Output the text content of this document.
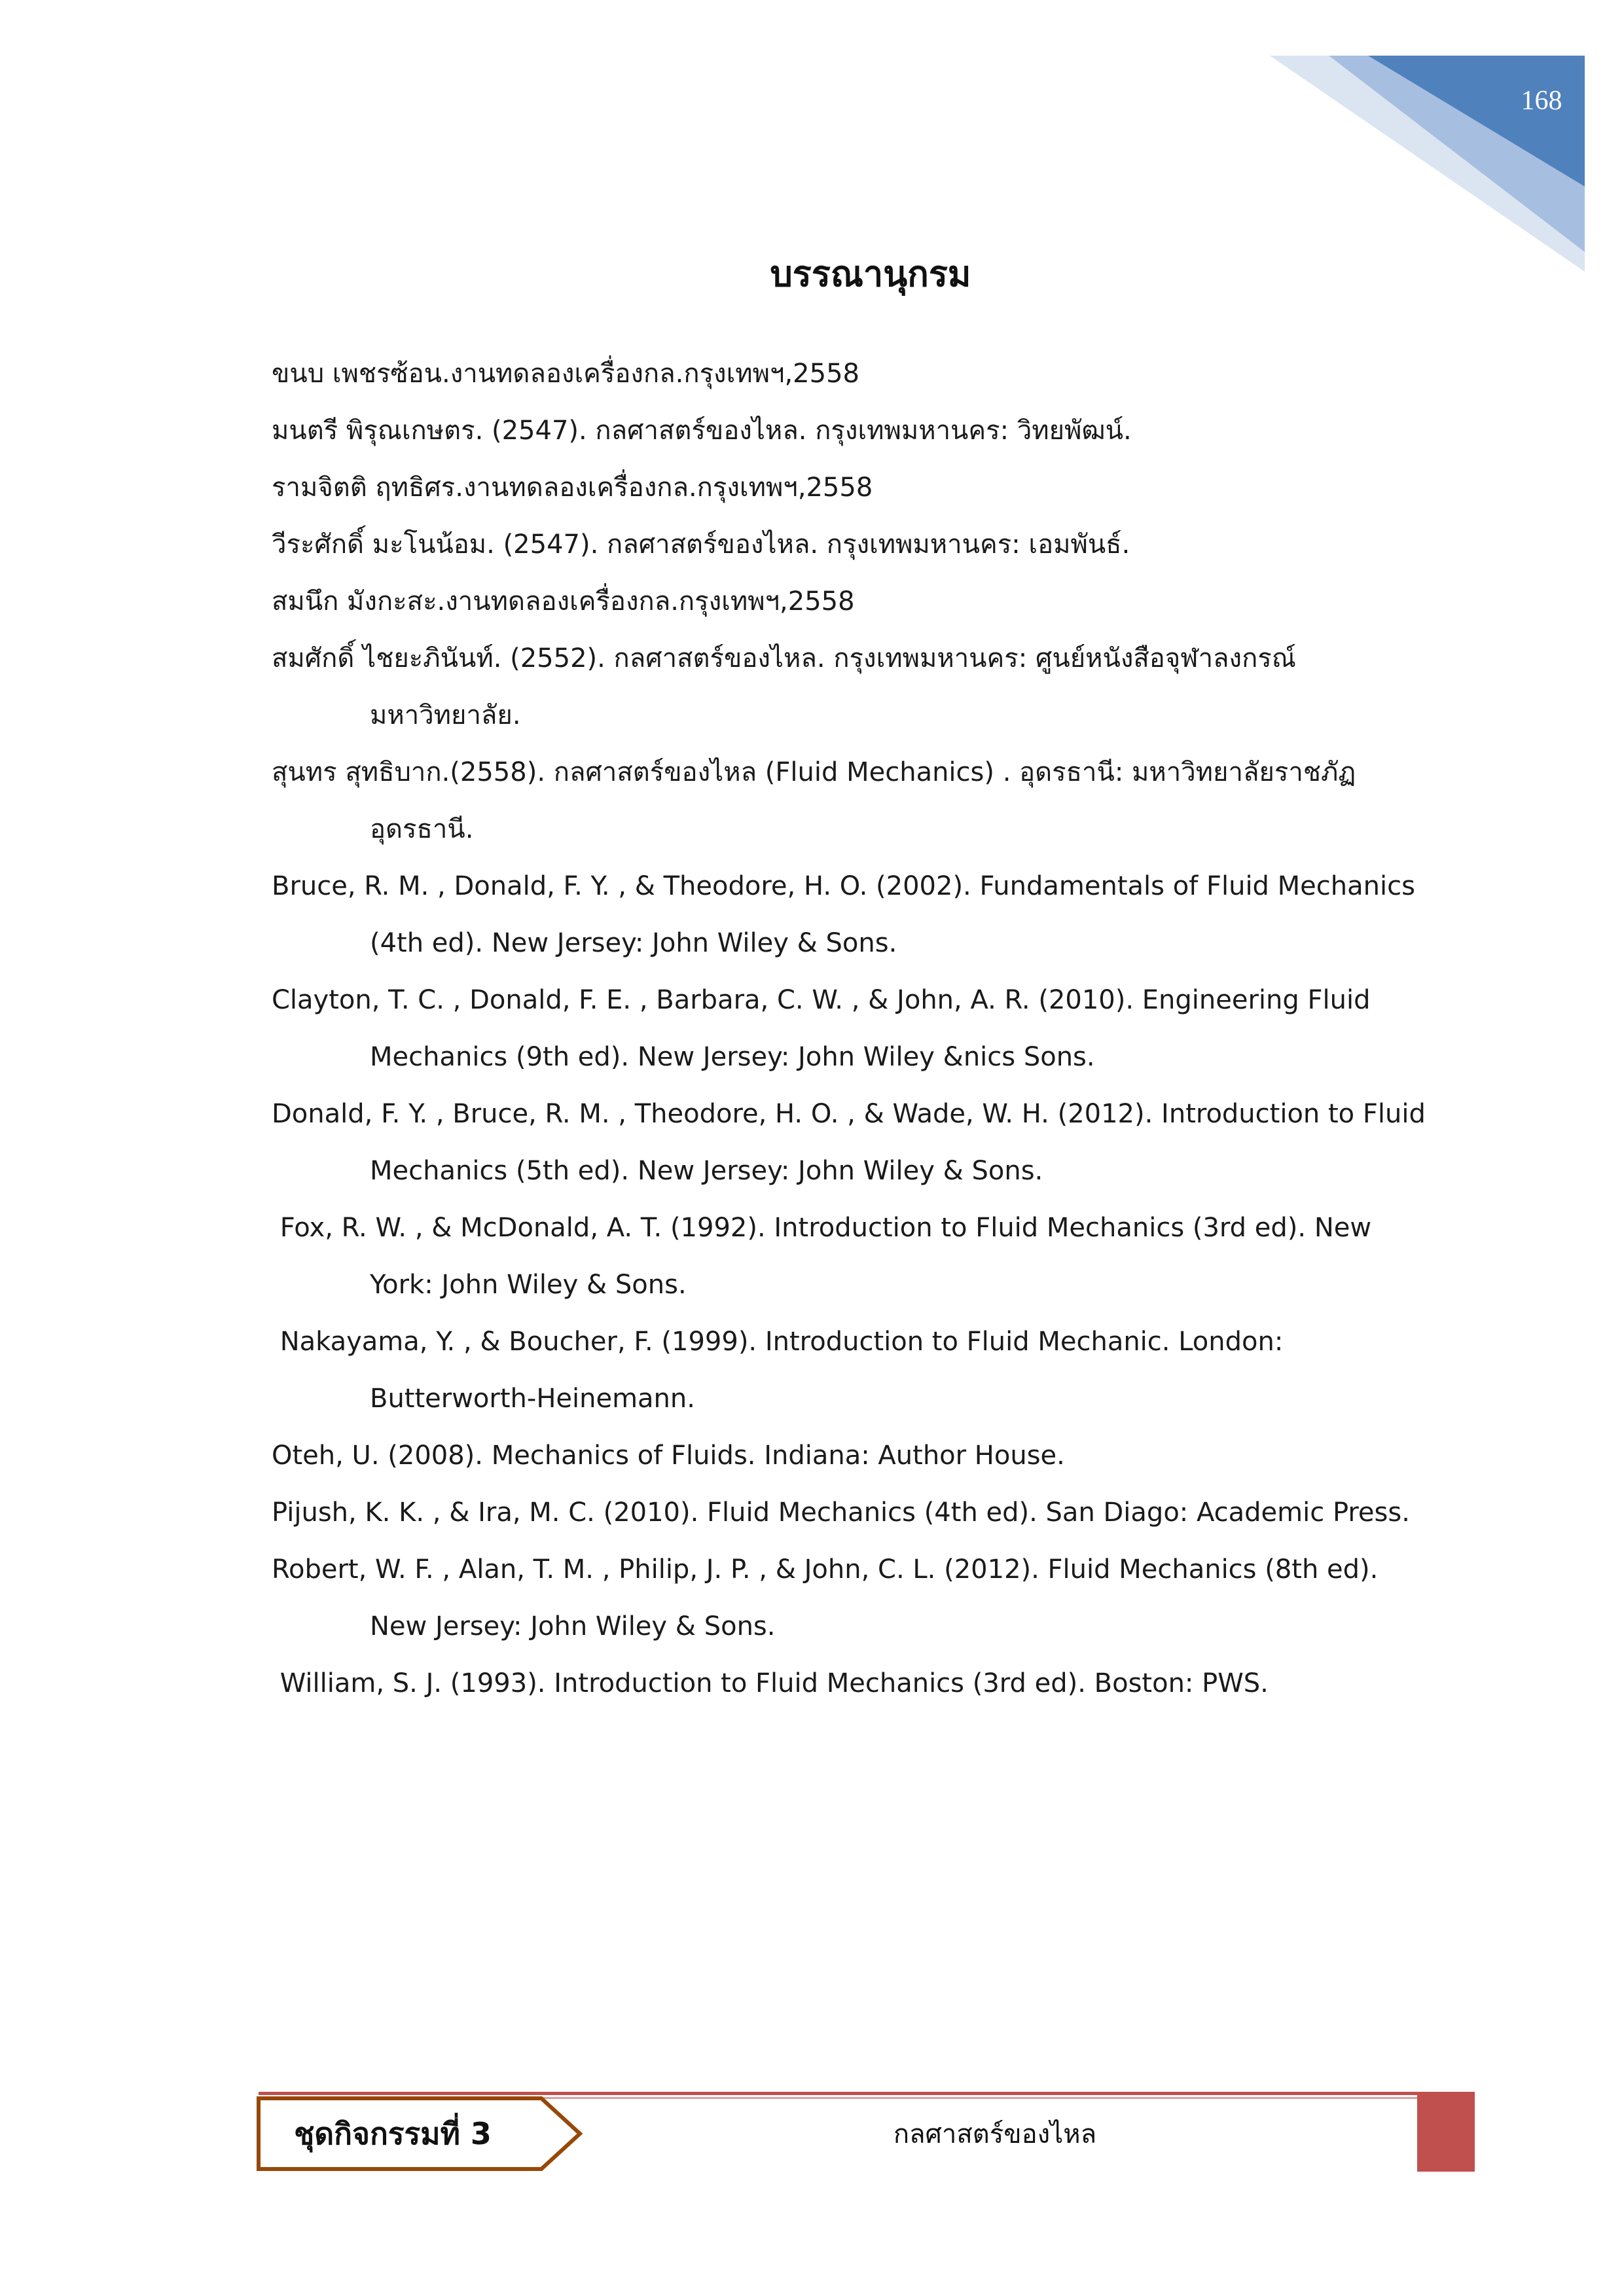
168
บรรณานุกรม
ขนบ เพชรซ้อน.งานทดลองเครื่องกล.กรุงเทพฯ,2558
มนตรี พิรุณเกษตร. (2547). กลศาสตร์ของไหล. กรุงเทพมหานคร: วิทยพัฒน์.
รามจิตติ ฤทธิศร.งานทดลองเครื่องกล.กรุงเทพฯ,2558
วีระศักดิ์ มะโนน้อม. (2547). กลศาสตร์ของไหล. กรุงเทพมหานคร: เอมพันธ์.
สมนึก มังกะสะ.งานทดลองเครื่องกล.กรุงเทพฯ,2558
สมศักดิ์ ไชยะภินันท์. (2552). กลศาสตร์ของไหล. กรุงเทพมหานคร: ศูนย์หนังสือจุฬาลงกรณ์มหาวิทยาลัย.
สุนทร สุทธิบาก.(2558). กลศาสตร์ของไหล (Fluid Mechanics) . อุดรธานี: มหาวิทยาลัยราชภัฏอุดรธานี.
Bruce, R. M. , Donald, F. Y. , & Theodore, H. O. (2002). Fundamentals of Fluid Mechanics (4th ed). New Jersey: John Wiley & Sons.
Clayton, T. C. , Donald, F. E. , Barbara, C. W. , & John, A. R. (2010). Engineering Fluid Mechanics (9th ed). New Jersey: John Wiley &nics Sons.
Donald, F. Y. , Bruce, R. M. , Theodore, H. O. , & Wade, W. H. (2012). Introduction to Fluid Mechanics (5th ed). New Jersey: John Wiley & Sons.
Fox, R. W. , & McDonald, A. T. (1992). Introduction to Fluid Mechanics (3rd ed). New York: John Wiley & Sons.
Nakayama, Y. , & Boucher, F. (1999). Introduction to Fluid Mechanic. London: Butterworth-Heinemann.
Oteh, U. (2008). Mechanics of Fluids. Indiana: Author House.
Pijush, K. K. , & Ira, M. C. (2010). Fluid Mechanics (4th ed). San Diago: Academic Press.
Robert, W. F. , Alan, T. M. , Philip, J. P. , & John, C. L. (2012). Fluid Mechanics (8th ed). New Jersey: John Wiley & Sons.
William, S. J. (1993). Introduction to Fluid Mechanics (3rd ed). Boston: PWS.
ชุดกิจกรรมที่ 3	กลศาสตร์ของไหล
